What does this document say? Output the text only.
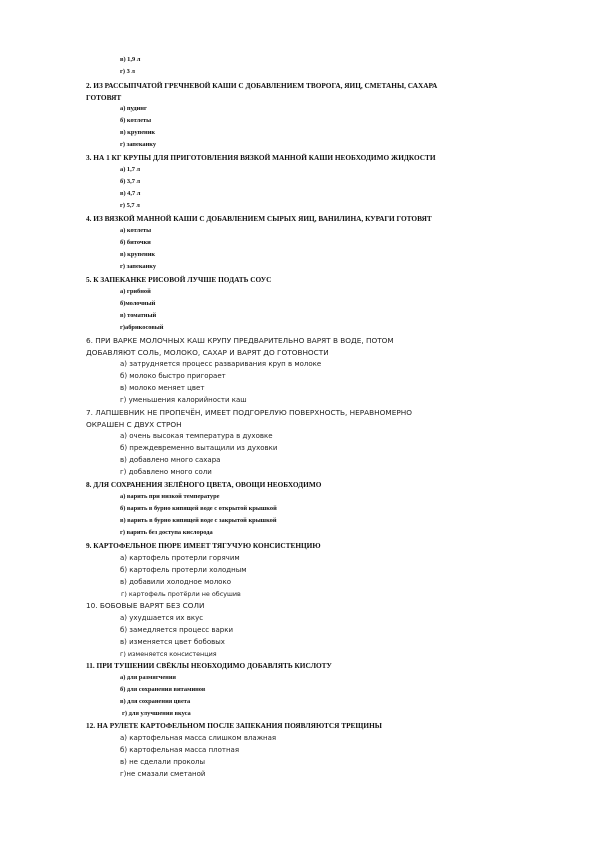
в) 1,9 л
г) 3 л
2. ИЗ РАССЫПЧАТОЙ ГРЕЧНЕВОЙ КАШИ С ДОБАВЛЕНИЕМ ТВОРОГА, ЯИЦ, СМЕТАНЫ, САХАРА
ГОТОВЯТ
а) пудинг
б) котлеты
в) крупеник
г) запеканку
3. НА 1 КГ КРУПЫ ДЛЯ ПРИГОТОВЛЕНИЯ ВЯЗКОЙ МАННОЙ КАШИ НЕОБХОДИМО ЖИДКОСТИ
а) 1,7 л
б) 3,7 л
в) 4,7 л
г) 5,7 л
4. ИЗ ВЯЗКОЙ МАННОЙ КАШИ С ДОБАВЛЕНИЕМ СЫРЫХ ЯИЦ, ВАНИЛИНА, КУРАГИ ГОТОВЯТ
а) котлеты
б) биточки
в) крупеник
г) запеканку
5. К ЗАПЕКАНКЕ РИСОВОЙ ЛУЧШЕ ПОДАТЬ СОУС
а) грибной
б)молочный
в) томатный
г)абрикосовый
6. ПРИ ВАРКЕ МОЛОЧНЫХ КАШ КРУПУ ПРЕДВАРИТЕЛЬНО ВАРЯТ В ВОДЕ, ПОТОМ
ДОБАВЛЯЮТ СОЛЬ, МОЛОКО, САХАР И ВАРЯТ ДО ГОТОВНОСТИ
а) затрудняется процесс разваривания круп в молоке
б) молоко быстро пригорает
в) молоко меняет цвет
г) уменьшения калорийности каш
7. ЛАПШЕВНИК НЕ ПРОПЕЧЁН, ИМЕЕТ ПОДГОРЕЛУЮ ПОВЕРХНОСТЬ, НЕРАВНОМЕРНО
ОКРАШЕН С ДВУХ СТРОН
а) очень высокая температура в духовке
б) преждевременно вытащили из духовки
в) добавлено много сахара
г) добавлено много соли
8. ДЛЯ СОХРАНЕНИЯ ЗЕЛЁНОГО ЦВЕТА, ОВОЩИ НЕОБХОДИМО
а) варить при низкой температуре
б) варить в бурно кипящей воде с открытой крышкой
в) варить в бурно кипящей воде с закрытой крышкой
г) варить без доступа кислорода
9. КАРТОФЕЛЬНОЕ ПЮРЕ ИМЕЕТ ТЯГУЧУЮ КОНСИСТЕНЦИЮ
а) картофель протерли горячим
б) картофель протерли холодным
в) добавили холодное молоко
г) картофель протёрли не обсушив
10. БОБОВЫЕ ВАРЯТ БЕЗ СОЛИ
а) ухудшается их вкус
б) замедляется процесс варки
в) изменяется цвет бобовых
г) изменяется консистенция
11. ПРИ ТУШЕНИИ СВЁКЛЫ НЕОБХОДИМО ДОБАВЛЯТЬ КИСЛОТУ
а) для размягчения
б) для сохранения витаминов
в) для сохранения цвета
г) для улучшения вкуса
12. НА РУЛЕТЕ КАРТОФЕЛЬНОМ ПОСЛЕ ЗАПЕКАНИЯ ПОЯВЛЯЮТСЯ ТРЕЩИНЫ
а) картофельная масса слишком влажная
б) картофельная масса плотная
в) не сделали проколы
г)не смазали сметаной
